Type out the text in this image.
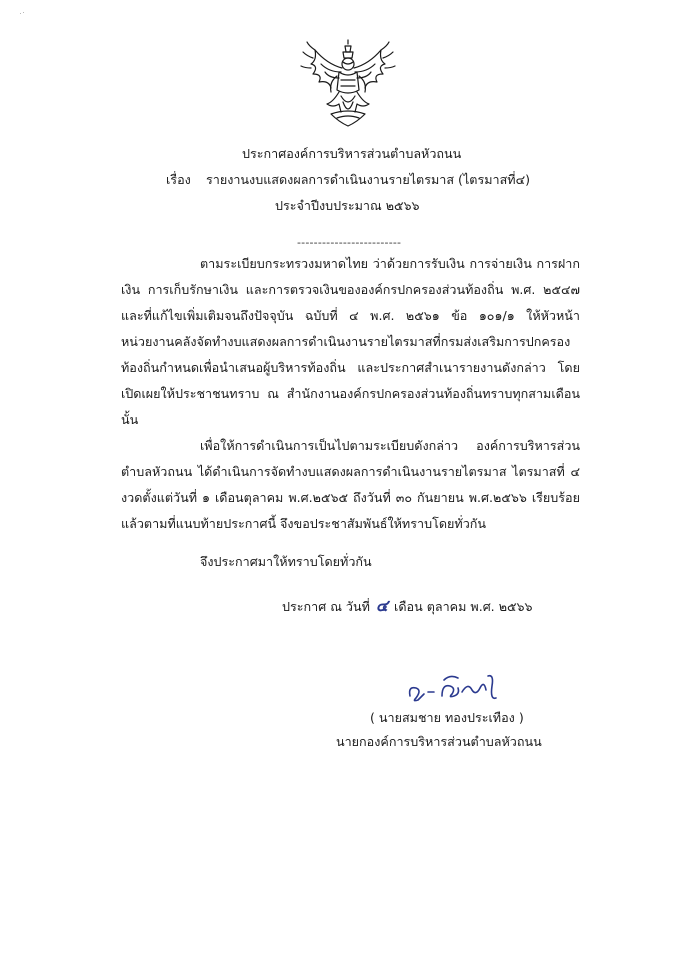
ประกาศองค์การบริหารส่วนตำบลหัวถนน
เรื่อง รายงานงบแสดงผลการดำเนินงานรายไตรมาส (ไตรมาสที่๔)
ประจำปีงบประมาณ ๒๕๖๖
-------------------------
ตามระเบียบกระทรวงมหาดไทย ว่าด้วยการรับเงิน การจ่ายเงิน การฝาก
เงิน การเก็บรักษาเงิน และการตรวจเงินขององค์กรปกครองส่วนท้องถิ่น พ.ศ. ๒๕๔๗
และที่แก้ไขเพิ่มเติมจนถึงปัจจุบัน ฉบับที่ ๔ พ.ศ. ๒๕๖๑ ข้อ ๑๐๑/๑ ให้หัวหน้า
หน่วยงานคลังจัดทำงบแสดงผลการดำเนินงานรายไตรมาสที่กรมส่งเสริมการปกครอง
ท้องถิ่นกำหนดเพื่อนำเสนอผู้บริหารท้องถิ่น และประกาศสำเนารายงานดังกล่าว โดย
เปิดเผยให้ประชาชนทราบ ณ สำนักงานองค์กรปกครองส่วนท้องถิ่นทราบทุกสามเดือน
นั้น
เพื่อให้การดำเนินการเป็นไปตามระเบียบดังกล่าว องค์การบริหารส่วน
ตำบลหัวถนน ได้ดำเนินการจัดทำงบแสดงผลการดำเนินงานรายไตรมาส ไตรมาสที่ ๔
งวดตั้งแต่วันที่ ๑ เดือนตุลาคม พ.ศ.๒๕๖๕ ถึงวันที่ ๓๐ กันยายน พ.ศ.๒๕๖๖ เรียบร้อย
แล้วตามที่แนบท้ายประกาศนี้ จึงขอประชาสัมพันธ์ให้ทราบโดยทั่วกัน
จึงประกาศมาให้ทราบโดยทั่วกัน
ประกาศ ณ วันที่ ๔ เดือน ตุลาคม พ.ศ. ๒๕๖๖
( นายสมชาย ทองประเทือง )
นายกองค์การบริหารส่วนตำบลหัวถนน
